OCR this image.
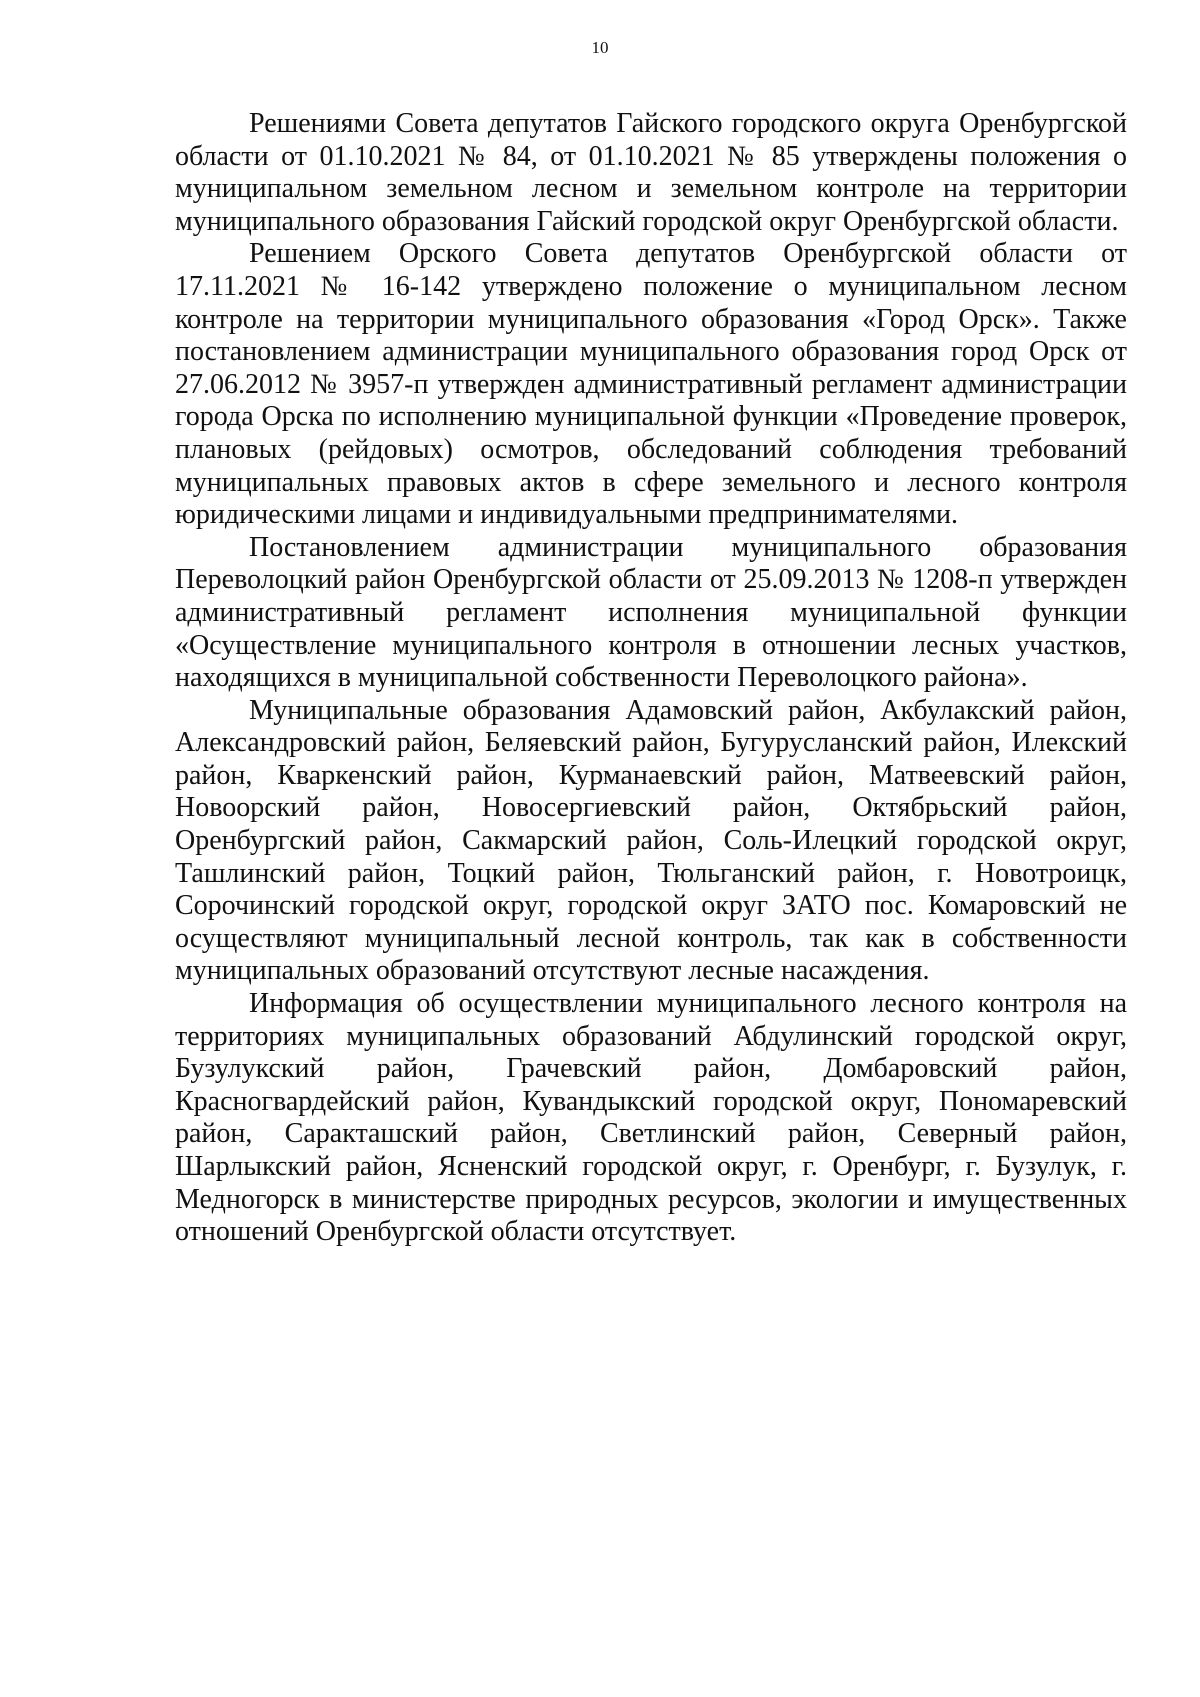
10

Решениями Совета депутатов Гайского городского округа Оренбургской области от 01.10.2021 № 84, от 01.10.2021 № 85 утверждены положения о муниципальном земельном лесном и земельном контроле на территории муниципального образования Гайский городской округ Оренбургской области.

Решением Орского Совета депутатов Оренбургской области от 17.11.2021 № 16-142 утверждено положение о муниципальном лесном контроле на территории муниципального образования «Город Орск». Также постановлением администрации муниципального образования город Орск от 27.06.2012 № 3957-п утвержден административный регламент администрации города Орска по исполнению муниципальной функции «Проведение проверок, плановых (рейдовых) осмотров, обследований соблюдения требований муниципальных правовых актов в сфере земельного и лесного контроля юридическими лицами и индивидуальными предпринимателями.

Постановлением администрации муниципального образования Переволоцкий район Оренбургской области от 25.09.2013 № 1208-п утвержден административный регламент исполнения муниципальной функции «Осуществление муниципального контроля в отношении лесных участков, находящихся в муниципальной собственности Переволоцкого района».

Муниципальные образования Адамовский район, Акбулакский район, Александровский район, Беляевский район, Бугурусланский район, Илекский район, Кваркенский район, Курманаевский район, Матвеевский район, Новоорский район, Новосергиевский район, Октябрьский район, Оренбургский район, Сакмарский район, Соль-Илецкий городской округ, Ташлинский район, Тоцкий район, Тюльганский район, г. Новотроицк, Сорочинский городской округ, городской округ ЗАТО пос. Комаровский не осуществляют муниципальный лесной контроль, так как в собственности муниципальных образований отсутствуют лесные насаждения.

Информация об осуществлении муниципального лесного контроля на территориях муниципальных образований Абдулинский городской округ, Бузулукский район, Грачевский район, Домбаровский район, Красногвардейский район, Кувандыкский городской округ, Пономаревский район, Саракташский район, Светлинский район, Северный район, Шарлыкский район, Ясненский городской округ, г. Оренбург, г. Бузулук, г. Медногорск в министерстве природных ресурсов, экологии и имущественных отношений Оренбургской области отсутствует.
